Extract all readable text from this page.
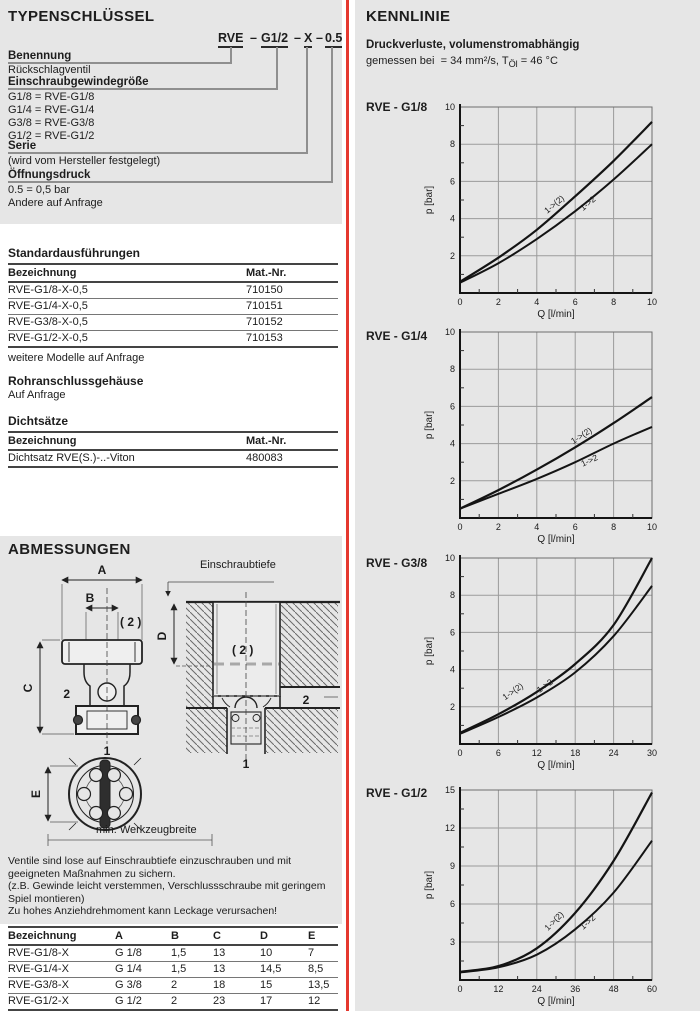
TYPENSCHLÜSSEL
RVE – G1/2 – X – 0.5
Benennung
Rückschlagventil
Einschraubgewindegröße
G1/8 = RVE-G1/8
G1/4 = RVE-G1/4
G3/8 = RVE-G3/8
G1/2 = RVE-G1/2
Serie
(wird vom Hersteller festgelegt)
Öffnungsdruck
0.5 = 0,5 bar
Andere auf Anfrage
Standardausführungen
Bezeichnung	Mat.-Nr.
RVE-G1/8-X-0,5	710150
RVE-G1/4-X-0,5	710151
RVE-G3/8-X-0,5	710152
RVE-G1/2-X-0,5	710153
weitere Modelle auf Anfrage
Rohranschlussgehäuse
Auf Anfrage
Dichtsätze
Bezeichnung	Mat.-Nr.
Dichtsatz RVE(S.)-..-Viton	480083
ABMESSUNGEN
A
B
( 2 )
C 2
1
E
min. Werkzeugbreite
Einschraubtiefe
D
( 2 )
2
1
Ventile sind lose auf Einschraubtiefe einzuschrauben und mit
geeigneten Maßnahmen zu sichern.
(z.B. Gewinde leicht verstemmen, Verschlussschraube mit geringem
Spiel montieren)
Zu hohes Anziehdrehmoment kann Leckage verursachen!
Bezeichnung	A	B	C	D	E
RVE-G1/8-X	G 1/8	1,5	13	10	7
RVE-G1/4-X	G 1/4	1,5	13	14,5	8,5
RVE-G3/8-X	G 3/8	2	18	15	13,5
RVE-G1/2-X	G 1/2	2	23	17	12
KENNLINIE
Druckverluste, volumenstromabhängig
gemessen bei  = 34 mm²/s, $T_{Öl} = 46$ °C
RVE - G1/8
0	2	4	6	8	10
2
4
6
8
10
Q [l/min]
p [bar]	1->(2) 1->2
RVE - G1/4
0	2	4	6	8	10
2
4
6
8
10
Q [l/min]
p [bar]	1->(2)
1->2
RVE - G3/8
0	6	12	18	24	30
2
4
6
8
10
Q [l/min]
p [bar]
1->(2) 1->2
RVE - G1/2
0	12	24	36	48	60
3
6
9
12
15
Q [l/min]
p [bar]
1->(2) 1->2
